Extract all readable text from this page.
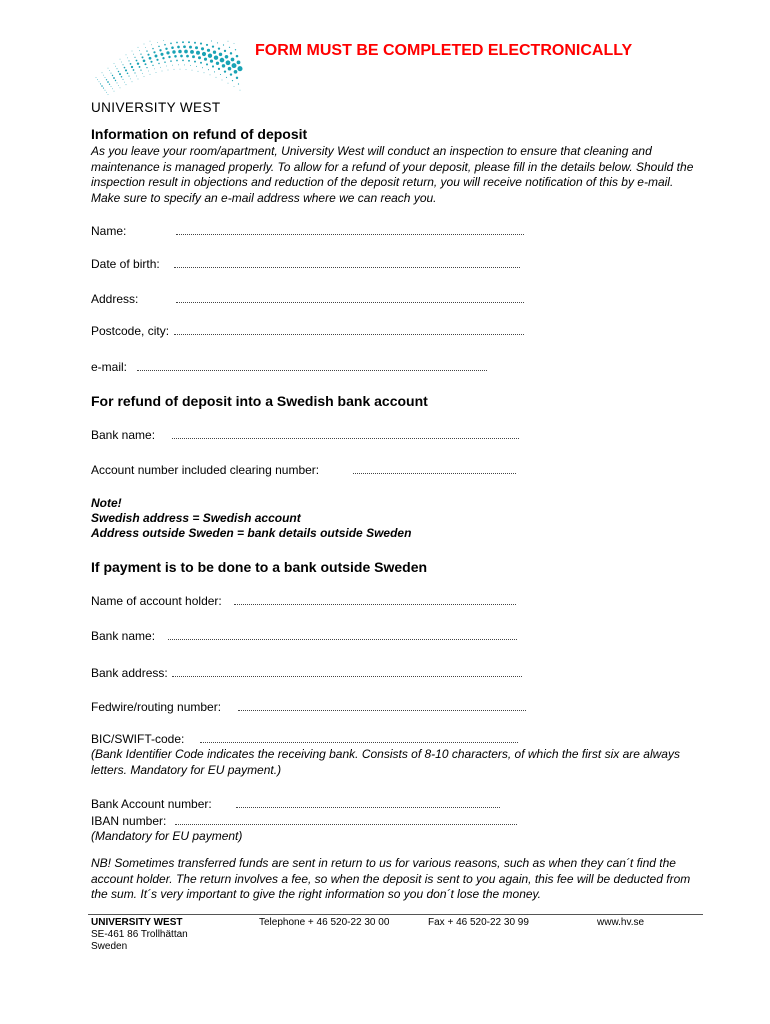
UNIVERSITY WEST
FORM MUST BE COMPLETED ELECTRONICALLY
Information on refund of deposit
As you leave your room/apartment, University West will conduct an inspection to ensure that cleaning and maintenance is managed properly. To allow for a refund of your deposit, please fill in the details below. Should the inspection result in objections and reduction of the deposit return, you will receive notification of this by e-mail. Make sure to specify an e-mail address where we can reach you.
Name:
Date of birth:
Address:
Postcode, city:
e-mail:
For refund of deposit into a Swedish bank account
Bank name:
Account number included clearing number:
Note!
Swedish address = Swedish account
Address outside Sweden = bank details outside Sweden
If payment is to be done to a bank outside Sweden
Name of account holder:
Bank name:
Bank address:
Fedwire/routing number:
BIC/SWIFT-code:
(Bank Identifier Code indicates the receiving bank. Consists of 8-10 characters, of which the first six are always letters. Mandatory for EU payment.)
Bank Account number:
IBAN number:
(Mandatory for EU payment)
NB! Sometimes transferred funds are sent in return to us for various reasons, such as when they can´t find the account holder. The return involves a fee, so when the deposit is sent to you again, this fee will be deducted from the sum. It´s very important to give the right information so you don´t lose the money.
UNIVERSITY WEST
SE-461 86 Trollhättan
Sweden
Telephone + 46 520-22 30 00	Fax + 46 520-22 30 99	www.hv.se
